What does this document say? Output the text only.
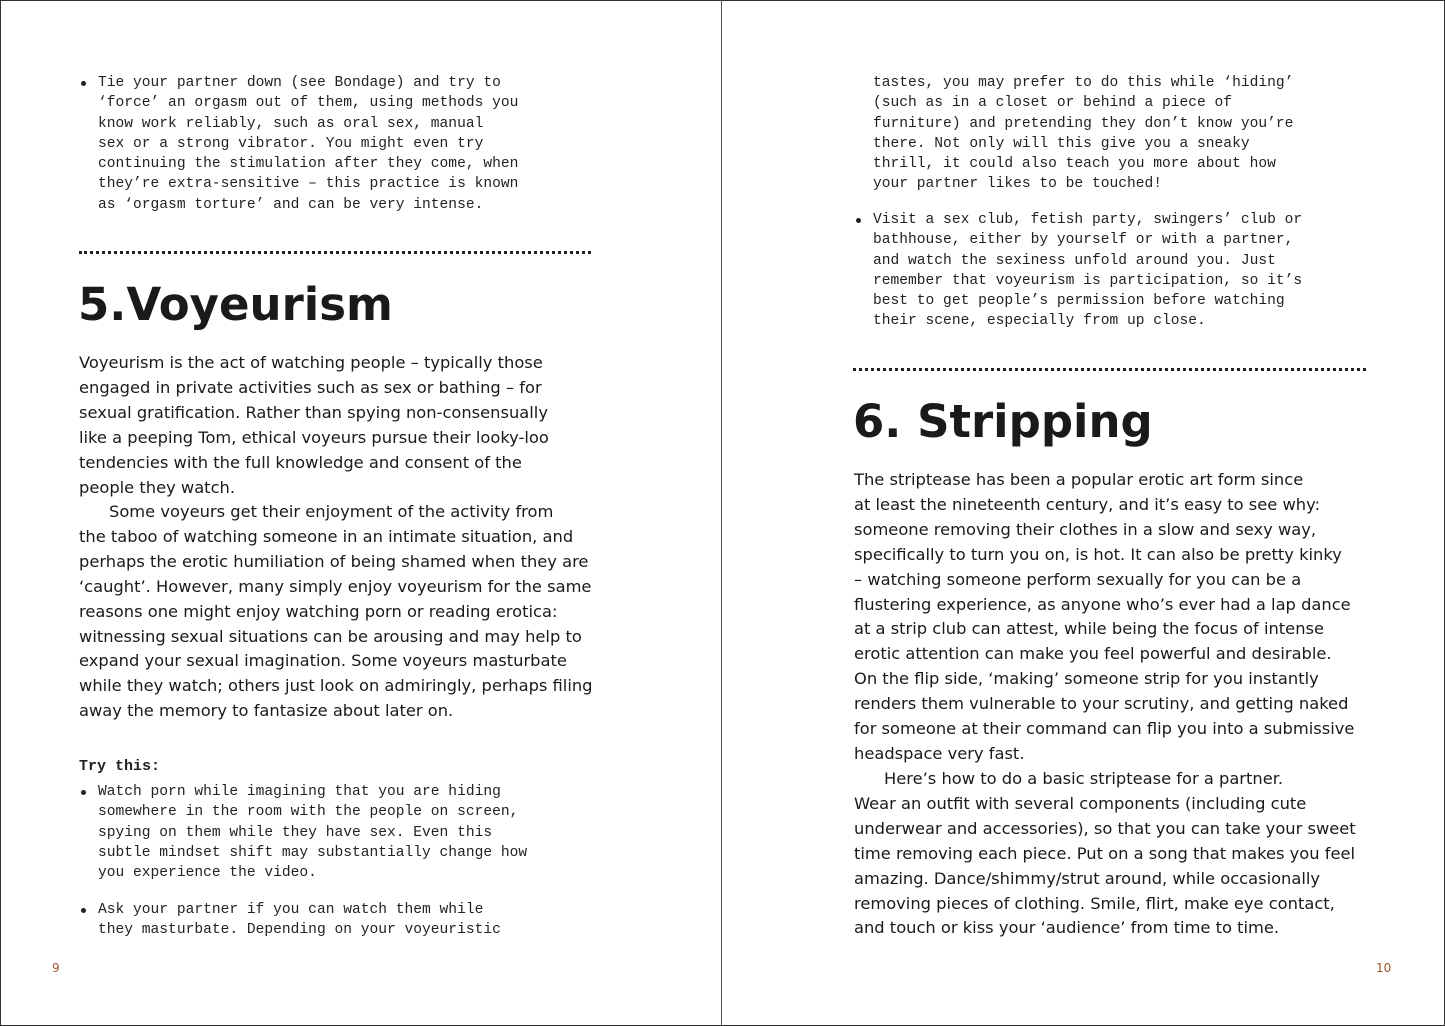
Tie your partner down (see Bondage) and try to
‘force’ an orgasm out of them, using methods you
know work reliably, such as oral sex, manual
sex or a strong vibrator. You might even try
continuing the stimulation after they come, when
they’re extra-sensitive – this practice is known
as ‘orgasm torture’ and can be very intense.
5.Voyeurism
Voyeurism is the act of watching people – typically those
engaged in private activities such as sex or bathing – for
sexual gratification. Rather than spying non-consensually
like a peeping Tom, ethical voyeurs pursue their looky-loo
tendencies with the full knowledge and consent of the
people they watch.
Some voyeurs get their enjoyment of the activity from
the taboo of watching someone in an intimate situation, and
perhaps the erotic humiliation of being shamed when they are
‘caught’. However, many simply enjoy voyeurism for the same
reasons one might enjoy watching porn or reading erotica:
witnessing sexual situations can be arousing and may help to
expand your sexual imagination. Some voyeurs masturbate
while they watch; others just look on admiringly, perhaps filing
away the memory to fantasize about later on.
Try this:
Watch porn while imagining that you are hiding
somewhere in the room with the people on screen,
spying on them while they have sex. Even this
subtle mindset shift may substantially change how
you experience the video.
Ask your partner if you can watch them while
they masturbate. Depending on your voyeuristic
9
tastes, you may prefer to do this while ‘hiding’
(such as in a closet or behind a piece of
furniture) and pretending they don’t know you’re
there. Not only will this give you a sneaky
thrill, it could also teach you more about how
your partner likes to be touched!
Visit a sex club, fetish party, swingers’ club or
bathhouse, either by yourself or with a partner,
and watch the sexiness unfold around you. Just
remember that voyeurism is participation, so it’s
best to get people’s permission before watching
their scene, especially from up close.
6. Stripping
The striptease has been a popular erotic art form since
at least the nineteenth century, and it’s easy to see why:
someone removing their clothes in a slow and sexy way,
specifically to turn you on, is hot. It can also be pretty kinky
– watching someone perform sexually for you can be a
flustering experience, as anyone who’s ever had a lap dance
at a strip club can attest, while being the focus of intense
erotic attention can make you feel powerful and desirable.
On the flip side, ‘making’ someone strip for you instantly
renders them vulnerable to your scrutiny, and getting naked
for someone at their command can flip you into a submissive
headspace very fast.
Here’s how to do a basic striptease for a partner.
Wear an outfit with several components (including cute
underwear and accessories), so that you can take your sweet
time removing each piece. Put on a song that makes you feel
amazing. Dance/shimmy/strut around, while occasionally
removing pieces of clothing. Smile, flirt, make eye contact,
and touch or kiss your ‘audience’ from time to time.
10
